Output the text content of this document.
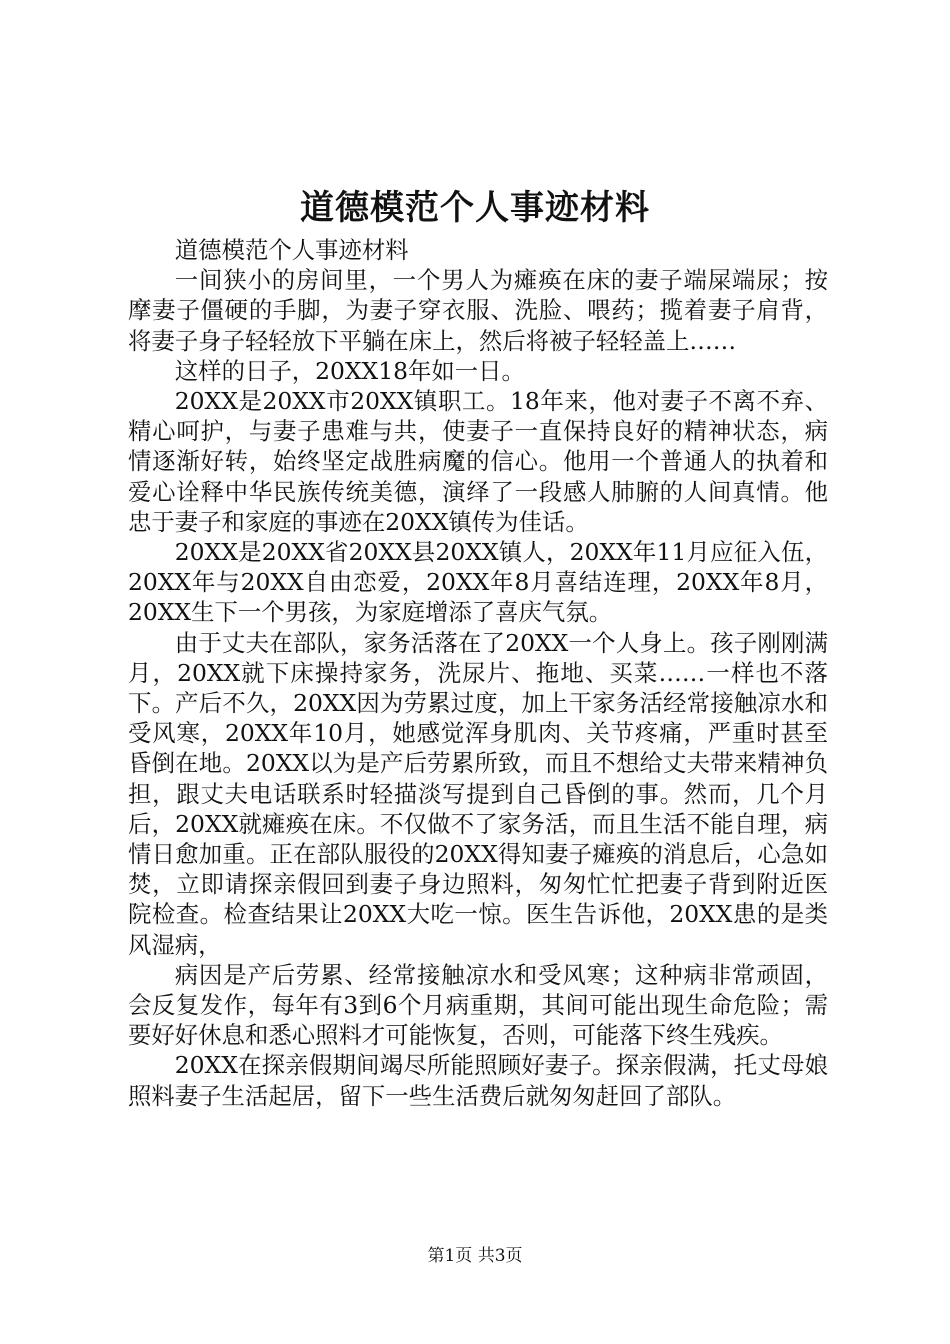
道德模范个人事迹材料

道德模范个人事迹材料

一间狭小的房间里，一个男人为瘫痪在床的妻子端屎端尿；按摩妻子僵硬的手脚，为妻子穿衣服、洗脸、喂药；揽着妻子肩背，将妻子身子轻轻放下平躺在床上，然后将被子轻轻盖上……

这样的日子，20XX18年如一日。

20XX是20XX市20XX镇职工。18年来，他对妻子不离不弃、精心呵护，与妻子患难与共，使妻子一直保持良好的精神状态，病情逐渐好转，始终坚定战胜病魔的信心。他用一个普通人的执着和爱心诠释中华民族传统美德，演绎了一段感人肺腑的人间真情。他忠于妻子和家庭的事迹在20XX镇传为佳话。

20XX是20XX省20XX县20XX镇人，20XX年11月应征入伍，20XX年与20XX自由恋爱，20XX年8月喜结连理，20XX年8月，20XX生下一个男孩，为家庭增添了喜庆气氛。

由于丈夫在部队，家务活落在了20XX一个人身上。孩子刚刚满月，20XX就下床操持家务，洗尿片、拖地、买菜……一样也不落下。产后不久，20XX因为劳累过度，加上干家务活经常接触凉水和受风寒，20XX年10月，她感觉浑身肌肉、关节疼痛，严重时甚至昏倒在地。20XX以为是产后劳累所致，而且不想给丈夫带来精神负担，跟丈夫电话联系时轻描淡写提到自己昏倒的事。然而，几个月后，20XX就瘫痪在床。不仅做不了家务活，而且生活不能自理，病情日愈加重。正在部队服役的20XX得知妻子瘫痪的消息后，心急如焚，立即请探亲假回到妻子身边照料，匆匆忙忙把妻子背到附近医院检查。检查结果让20XX大吃一惊。医生告诉他，20XX患的是类风湿病，

病因是产后劳累、经常接触凉水和受风寒；这种病非常顽固，会反复发作，每年有3到6个月病重期，其间可能出现生命危险；需要好好休息和悉心照料才可能恢复，否则，可能落下终生残疾。

20XX在探亲假期间竭尽所能照顾好妻子。探亲假满，托丈母娘照料妻子生活起居，留下一些生活费后就匆匆赶回了部队。

第1页 共3页
